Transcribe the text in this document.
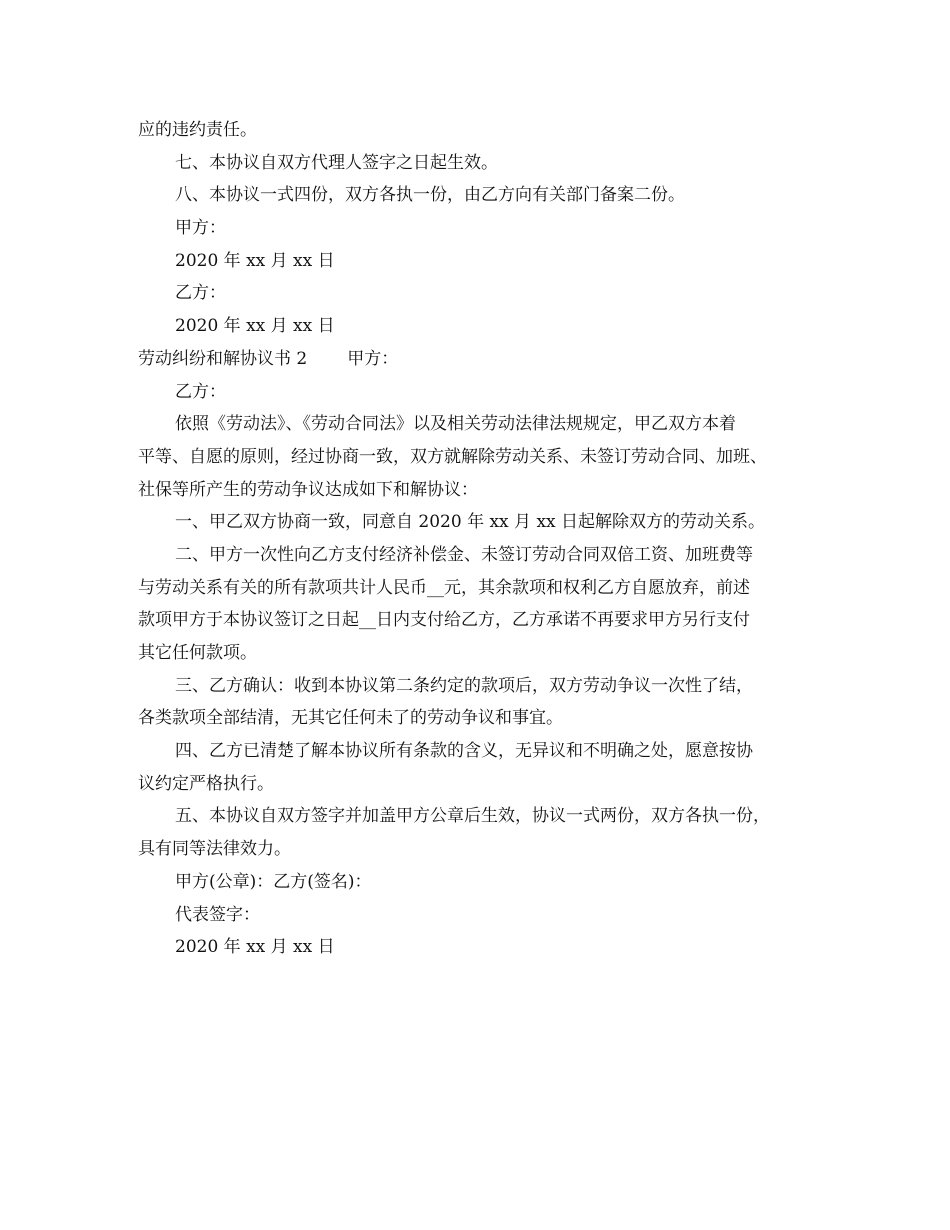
应的违约责任。
七、本协议自双方代理人签字之日起生效。
八、本协议一式四份，双方各执一份，由乙方向有关部门备案二份。
甲方：
2020 年 xx 月 xx 日
乙方：
2020 年 xx 月 xx 日
劳动纠纷和解协议书 2 甲方：
乙方：
依照《劳动法》、《劳动合同法》以及相关劳动法律法规规定，甲乙双方本着
平等、自愿的原则，经过协商一致，双方就解除劳动关系、未签订劳动合同、加班、
社保等所产生的劳动争议达成如下和解协议：
一、甲乙双方协商一致，同意自 2020 年 xx 月 xx 日起解除双方的劳动关系。
二、甲方一次性向乙方支付经济补偿金、未签订劳动合同双倍工资、加班费等
与劳动关系有关的所有款项共计人民币__元，其余款项和权利乙方自愿放弃，前述
款项甲方于本协议签订之日起__日内支付给乙方，乙方承诺不再要求甲方另行支付
其它任何款项。
三、乙方确认：收到本协议第二条约定的款项后，双方劳动争议一次性了结，
各类款项全部结清，无其它任何未了的劳动争议和事宜。
四、乙方已清楚了解本协议所有条款的含义，无异议和不明确之处，愿意按协
议约定严格执行。
五、本协议自双方签字并加盖甲方公章后生效，协议一式两份，双方各执一份，
具有同等法律效力。
甲方(公章)：乙方(签名)：
代表签字：
2020 年 xx 月 xx 日
